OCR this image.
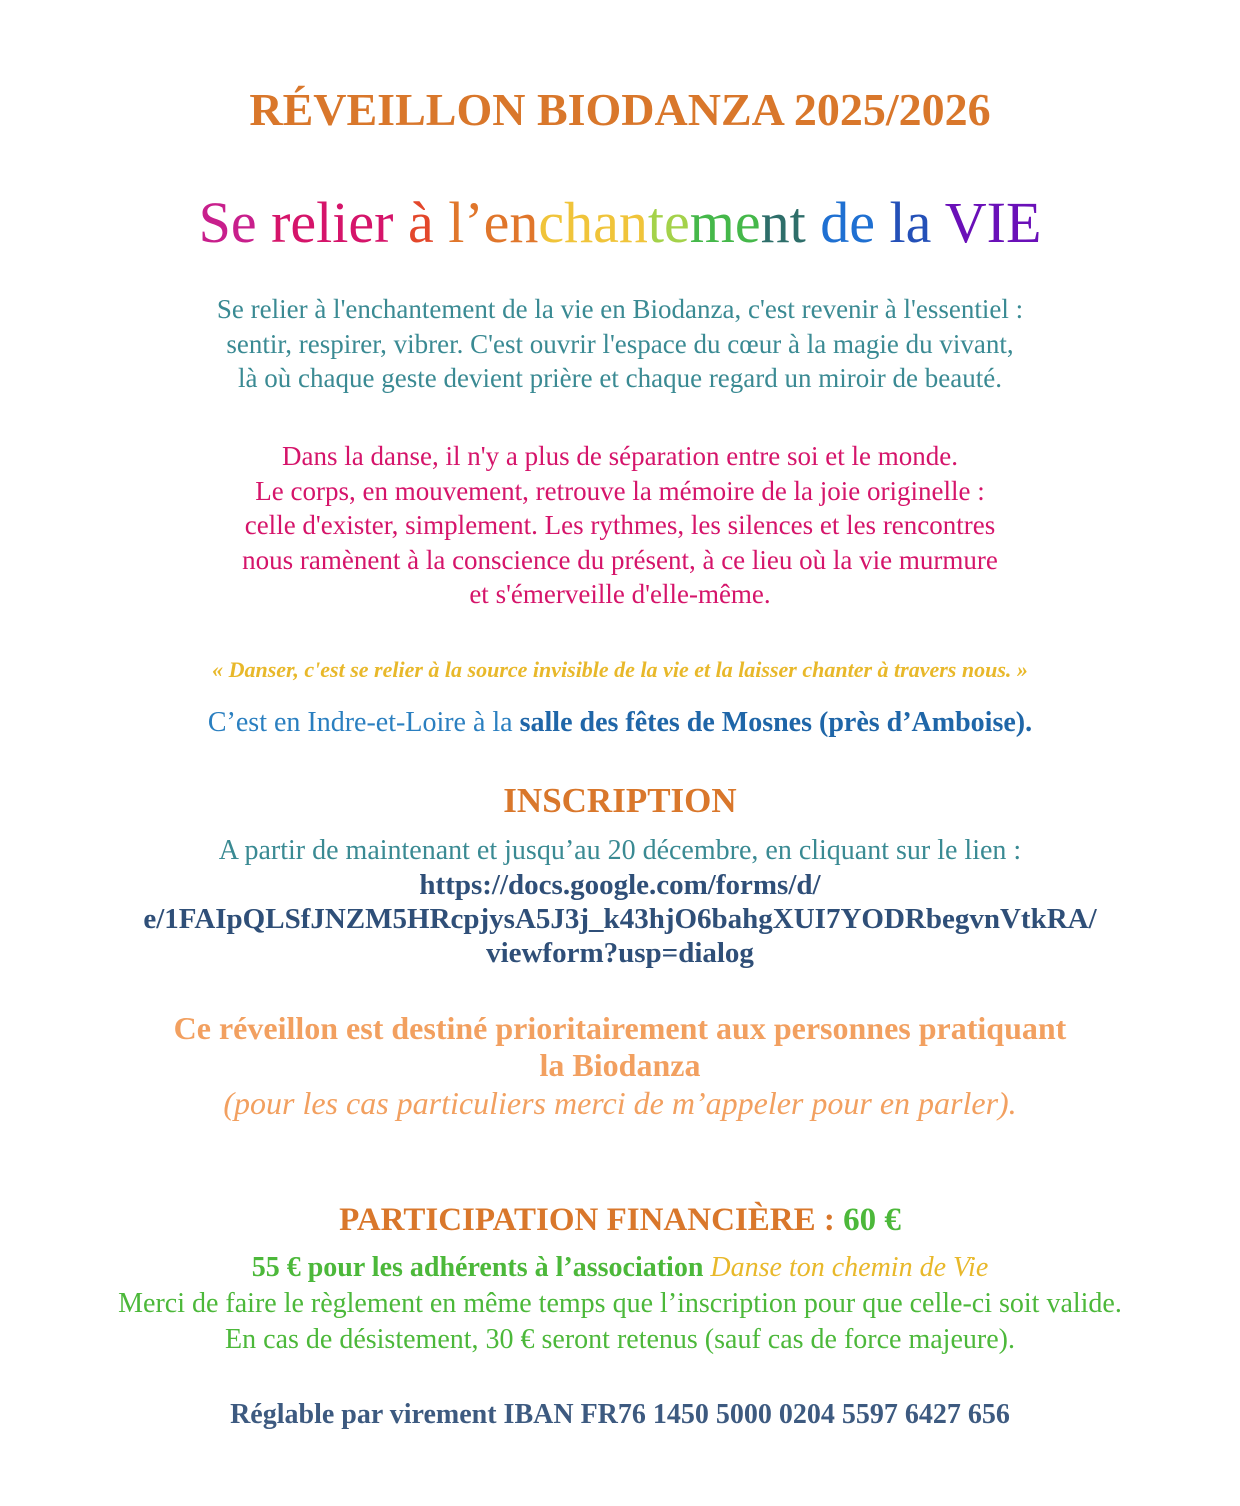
RÉVEILLON BIODANZA 2025/2026
Se relier à l’enchantement de la VIE
Se relier à l'enchantement de la vie en Biodanza, c'est revenir à l'essentiel :
sentir, respirer, vibrer. C'est ouvrir l'espace du cœur à la magie du vivant,
là où chaque geste devient prière et chaque regard un miroir de beauté.
Dans la danse, il n'y a plus de séparation entre soi et le monde.
Le corps, en mouvement, retrouve la mémoire de la joie originelle :
celle d'exister, simplement. Les rythmes, les silences et les rencontres
nous ramènent à la conscience du présent, à ce lieu où la vie murmure
et s'émerveille d'elle-même.
« Danser, c'est se relier à la source invisible de la vie et la laisser chanter à travers nous. »
C’est en Indre-et-Loire à la salle des fêtes de Mosnes (près d’Amboise).
INSCRIPTION
A partir de maintenant et jusqu’au 20 décembre, en cliquant sur le lien :
https://docs.google.com/forms/d/
e/1FAIpQLSfJNZM5HRcpjysA5J3j_k43hjO6bahgXUI7YODRbegvnVtkRA/
viewform?usp=dialog
Ce réveillon est destiné prioritairement aux personnes pratiquant
la Biodanza
(pour les cas particuliers merci de m’appeler pour en parler).
PARTICIPATION FINANCIÈRE : 60 €
55 € pour les adhérents à l’association Danse ton chemin de Vie
Merci de faire le règlement en même temps que l’inscription pour que celle-ci soit valide.
En cas de désistement, 30 € seront retenus (sauf cas de force majeure).
Réglable par virement IBAN FR76 1450 5000 0204 5597 6427 656
